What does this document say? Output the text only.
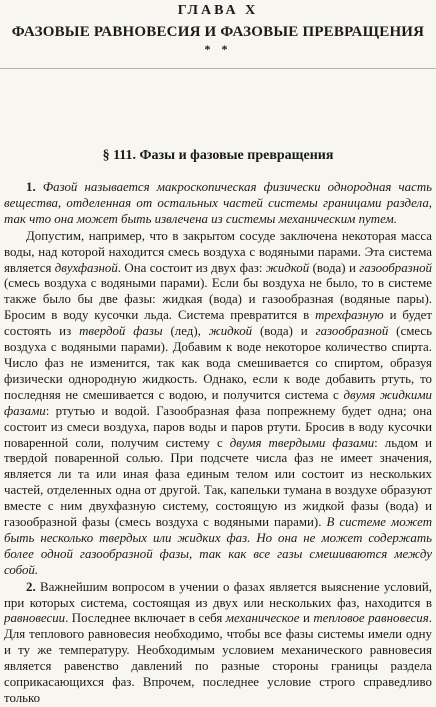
ГЛАВА X
ФАЗОВЫЕ РАВНОВЕСИЯ И ФАЗОВЫЕ ПРЕВРАЩЕНИЯ
* *
§ 111. Фазы и фазовые превращения

1. Фазой называется макроскопическая физически однородная часть вещества, отделенная от остальных частей системы границами раздела, так что она может быть извлечена из системы механическим путем.

Допустим, например, что в закрытом сосуде заключена некоторая масса воды, над которой находится смесь воздуха с водяными парами. Эта система является двухфазной. Она состоит из двух фаз: жидкой (вода) и газообразной (смесь воздуха с водяными парами). Если бы воздуха не было, то в системе также было бы две фазы: жидкая (вода) и газообразная (водяные пары). Бросим в воду кусочки льда. Система превратится в трехфазную и будет состоять из твердой фазы (лед), жидкой (вода) и газообразной (смесь воздуха с водяными парами). Добавим к воде некоторое количество спирта. Число фаз не изменится, так как вода смешивается со спиртом, образуя физически однородную жидкость. Однако, если к воде добавить ртуть, то последняя не смешивается с водою, и получится система с двумя жидкими фазами: ртутью и водой. Газообразная фаза попрежнему будет одна; она состоит из смеси воздуха, паров воды и паров ртути. Бросив в воду кусочки поваренной соли, получим систему с двумя твердыми фазами: льдом и твердой поваренной солью. При подсчете числа фаз не имеет значения, является ли та или иная фаза единым телом или состоит из нескольких частей, отделенных одна от другой. Так, капельки тумана в воздухе образуют вместе с ним двухфазную систему, состоящую из жидкой фазы (вода) и газообразной фазы (смесь воздуха с водяными парами). В системе может быть несколько твердых или жидких фаз. Но она не может содержать более одной газообразной фазы, так как все газы смешиваются между собой.

2. Важнейшим вопросом в учении о фазах является выяснение условий, при которых система, состоящая из двух или нескольких фаз, находится в равновесии. Последнее включает в себя механическое и тепловое равновесия. Для теплового равновесия необходимо, чтобы все фазы системы имели одну и ту же температуру. Необходимым условием механического равновесия является равенство давлений по разные стороны границы раздела соприкасающихся фаз. Впрочем, последнее условие строго справедливо только
